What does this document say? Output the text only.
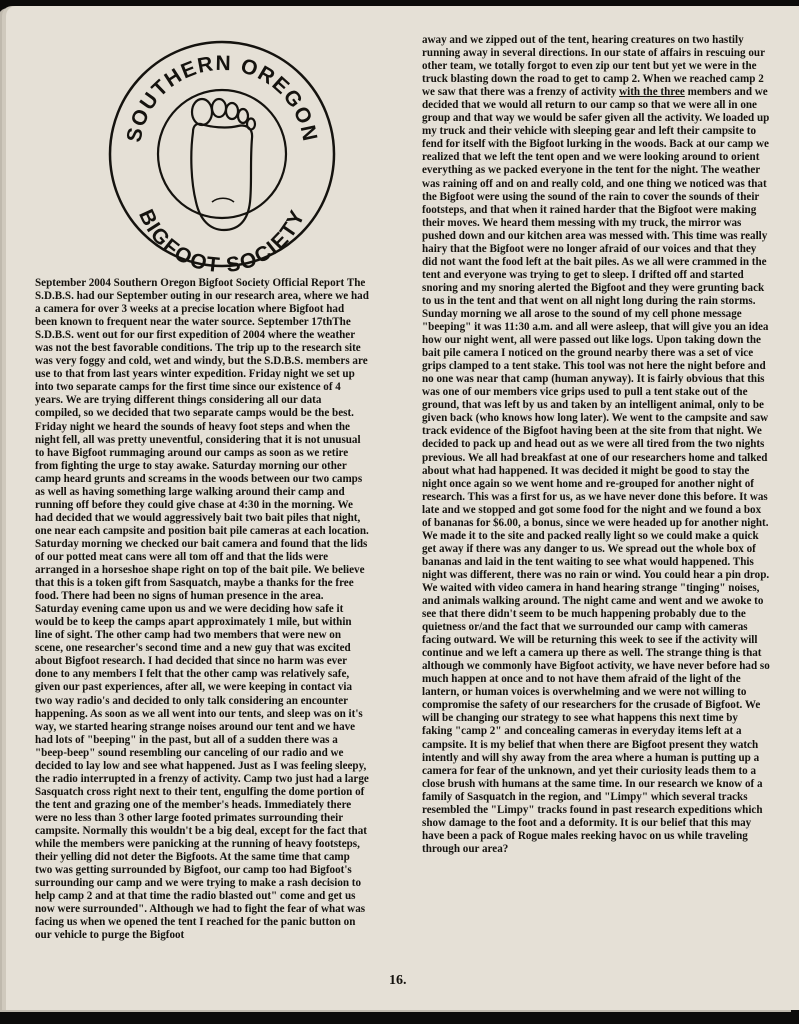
SOUTHERN OREGON
BIGFOOT SOCIETY

September 2004 Southern Oregon Bigfoot Society Official Report The S.D.B.S. had our September outing in our research area, where we had a camera for over 3 weeks at a precise location where Bigfoot had been known to frequent near the water source. September 17thThe S.D.B.S. went out for our first expedition of 2004 where the weather was not the best favorable conditions. The trip up to the research site was very foggy and cold, wet and windy, but the S.D.B.S. members are use to that from last years winter expedition. Friday night we set up into two separate camps for the first time since our existence of 4 years. We are trying different things considering all our data compiled, so we decided that two separate camps would be the best. Friday night we heard the sounds of heavy foot steps and when the night fell, all was pretty uneventful, considering that it is not unusual to have Bigfoot rummaging around our camps as soon as we retire from fighting the urge to stay awake. Saturday morning our other camp heard grunts and screams in the woods between our two camps as well as having something large walking around their camp and running off before they could give chase at 4:30 in the morning. We had decided that we would aggressively bait two bait piles that night, one near each campsite and position bait pile cameras at each location. Saturday morning we checked our bait camera and found that the lids of our potted meat cans were all tom off and that the lids were arranged in a horseshoe shape right on top of the bait pile. We believe that this is a token gift from Sasquatch, maybe a thanks for the free food. There had been no signs of human presence in the area. Saturday evening came upon us and we were deciding how safe it would be to keep the camps apart approximately 1 mile, but within line of sight. The other camp had two members that were new on scene, one researcher's second time and a new guy that was excited about Bigfoot research. I had decided that since no harm was ever done to any members I felt that the other camp was relatively safe, given our past experiences, after all, we were keeping in contact via two way radio's and decided to only talk considering an encounter happening. As soon as we all went into our tents, and sleep was on it's way, we started hearing strange noises around our tent and we have had lots of "beeping" in the past, but all of a sudden there was a "beep-beep" sound resembling our canceling of our radio and we decided to lay low and see what happened. Just as I was feeling sleepy, the radio interrupted in a frenzy of activity. Camp two just had a large Sasquatch cross right next to their tent, engulfing the dome portion of the tent and grazing one of the member's heads. Immediately there were no less than 3 other large footed primates surrounding their campsite. Normally this wouldn't be a big deal, except for the fact that while the members were panicking at the running of heavy footsteps, their yelling did not deter the Bigfoots. At the same time that camp two was getting surrounded by Bigfoot, our camp too had Bigfoot's surrounding our camp and we were trying to make a rash decision to help camp 2 and at that time the radio blasted out" come and get us now were surrounded". Although we had to fight the fear of what was facing us when we opened the tent I reached for the panic button on our vehicle to purge the Bigfoot

away and we zipped out of the tent, hearing creatures on two hastily running away in several directions. In our state of affairs in rescuing our other team, we totally forgot to even zip our tent but yet we were in the truck blasting down the road to get to camp 2. When we reached camp 2 we saw that there was a frenzy of activity with the three members and we decided that we would all return to our camp so that we were all in one group and that way we would be safer given all the activity. We loaded up my truck and their vehicle with sleeping gear and left their campsite to fend for itself with the Bigfoot lurking in the woods. Back at our camp we realized that we left the tent open and we were looking around to orient everything as we packed everyone in the tent for the night. The weather was raining off and on and really cold, and one thing we noticed was that the Bigfoot were using the sound of the rain to cover the sounds of their footsteps, and that when it rained harder that the Bigfoot were making their moves. We heard them messing with my truck, the mirror was pushed down and our kitchen area was messed with. This time was really hairy that the Bigfoot were no longer afraid of our voices and that they did not want the food left at the bait piles. As we all were crammed in the tent and everyone was trying to get to sleep. I drifted off and started snoring and my snoring alerted the Bigfoot and they were grunting back to us in the tent and that went on all night long during the rain storms. Sunday morning we all arose to the sound of my cell phone message "beeping" it was 11:30 a.m. and all were asleep, that will give you an idea how our night went, all were passed out like logs. Upon taking down the bait pile camera I noticed on the ground nearby there was a set of vice grips clamped to a tent stake. This tool was not here the night before and no one was near that camp (human anyway). It is fairly obvious that this was one of our members vice grips used to pull a tent stake out of the ground, that was left by us and taken by an intelligent animal, only to be given back (who knows how long later). We went to the campsite and saw track evidence of the Bigfoot having been at the site from that night. We decided to pack up and head out as we were all tired from the two nights previous. We all had breakfast at one of our researchers home and talked about what had happened. It was decided it might be good to stay the night once again so we went home and re-grouped for another night of research. This was a first for us, as we have never done this before. It was late and we stopped and got some food for the night and we found a box of bananas for $6.00, a bonus, since we were headed up for another night. We made it to the site and packed really light so we could make a quick get away if there was any danger to us. We spread out the whole box of bananas and laid in the tent waiting to see what would happened. This night was different, there was no rain or wind. You could hear a pin drop. We waited with video camera in hand hearing strange "tinging" noises, and animals walking around. The night came and went and we awoke to see that there didn't seem to be much happening probably due to the quietness or/and the fact that we surrounded our camp with cameras facing outward. We will be returning this week to see if the activity will continue and we left a camera up there as well. The strange thing is that although we commonly have Bigfoot activity, we have never before had so much happen at once and to not have them afraid of the light of the lantern, or human voices is overwhelming and we were not willing to compromise the safety of our researchers for the crusade of Bigfoot. We will be changing our strategy to see what happens this next time by faking "camp 2" and concealing cameras in everyday items left at a campsite. It is my belief that when there are Bigfoot present they watch intently and will shy away from the area where a human is putting up a camera for fear of the unknown, and yet their curiosity leads them to a close brush with humans at the same time. In our research we know of a family of Sasquatch in the region, and "Limpy" which several tracks resembled the "Limpy" tracks found in past research expeditions which show damage to the foot and a deformity. It is our belief that this may have been a pack of Rogue males reeking havoc on us while traveling through our area?

16.
